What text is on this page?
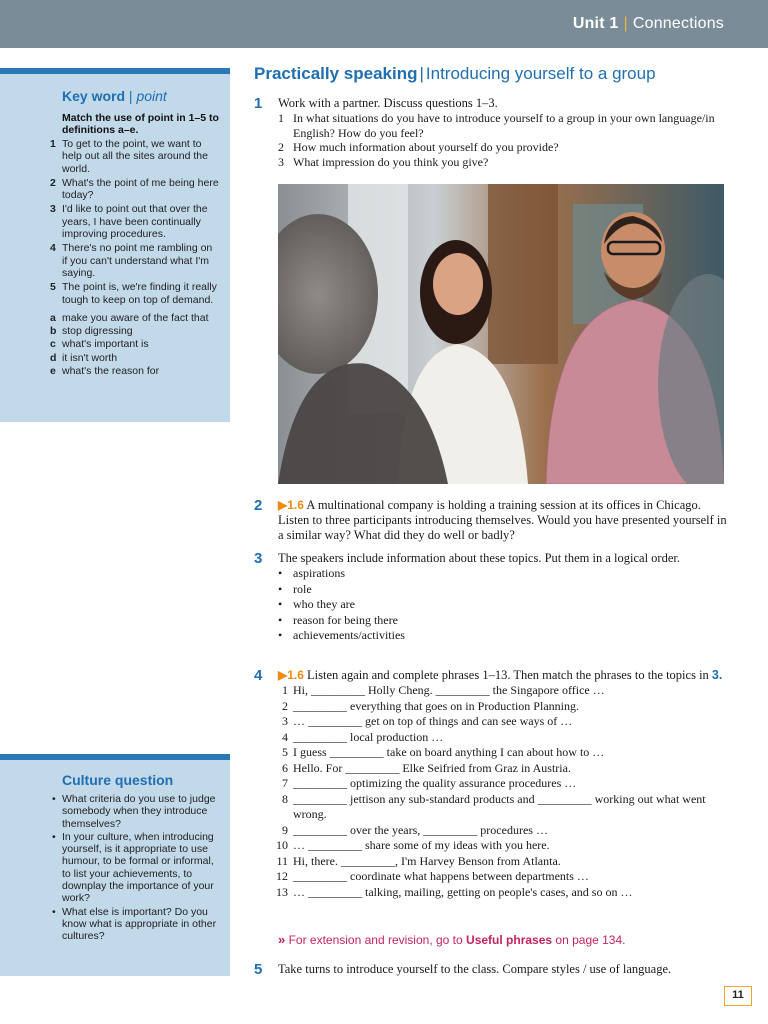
Unit 1 | Connections
Key word | point

Match the use of point in 1–5 to definitions a–e.

1 To get to the point, we want to help out all the sites around the world.
2 What's the point of me being here today?
3 I'd like to point out that over the years, I have been continually improving procedures.
4 There's no point me rambling on if you can't understand what I'm saying.
5 The point is, we're finding it really tough to keep on top of demand.
a make you aware of the fact that
b stop digressing
c what's important is
d it isn't worth
e what's the reason for
Culture question
• What criteria do you use to judge somebody when they introduce themselves?
• In your culture, when introducing yourself, is it appropriate to use humour, to be formal or informal, to list your achievements, to downplay the importance of your work?
• What else is important? Do you know what is appropriate in other cultures?
Practically speaking | Introducing yourself to a group
1 Work with a partner. Discuss questions 1–3.

1 In what situations do you have to introduce yourself to a group in your own language/in English? How do you feel?
2 How much information about yourself do you provide?
3 What impression do you think you give?
2 ▶1.6 A multinational company is holding a training session at its offices in Chicago. Listen to three participants introducing themselves. Would you have presented yourself in a similar way? What did they do well or badly?

3 The speakers include information about these topics. Put them in a logical order.

• aspirations
• role
• who they are
• reason for being there
• achievements/activities
4 ▶1.6 Listen again and complete phrases 1–13. Then match the phrases to the topics in 3.

1 Hi, _________ Holly Cheng. _________ the Singapore office …
2 _________ everything that goes on in Production Planning.
3 … _________ get on top of things and can see ways of …
4 _________ local production …
5 I guess _________ take on board anything I can about how to …
6 Hello. For _________ Elke Seifried from Graz in Austria.
7 _________ optimizing the quality assurance procedures …
8 _________ jettison any sub-standard products and _________ working out what went wrong.
9 _________ over the years, _________ procedures …
10 … _________ share some of my ideas with you here.
11 Hi, there. _________, I'm Harvey Benson from Atlanta.
12 _________ coordinate what happens between departments …
13 … _________ talking, mailing, getting on people's cases, and so on …
» For extension and revision, go to Useful phrases on page 134.
5 Take turns to introduce yourself to the class. Compare styles / use of language.

11
